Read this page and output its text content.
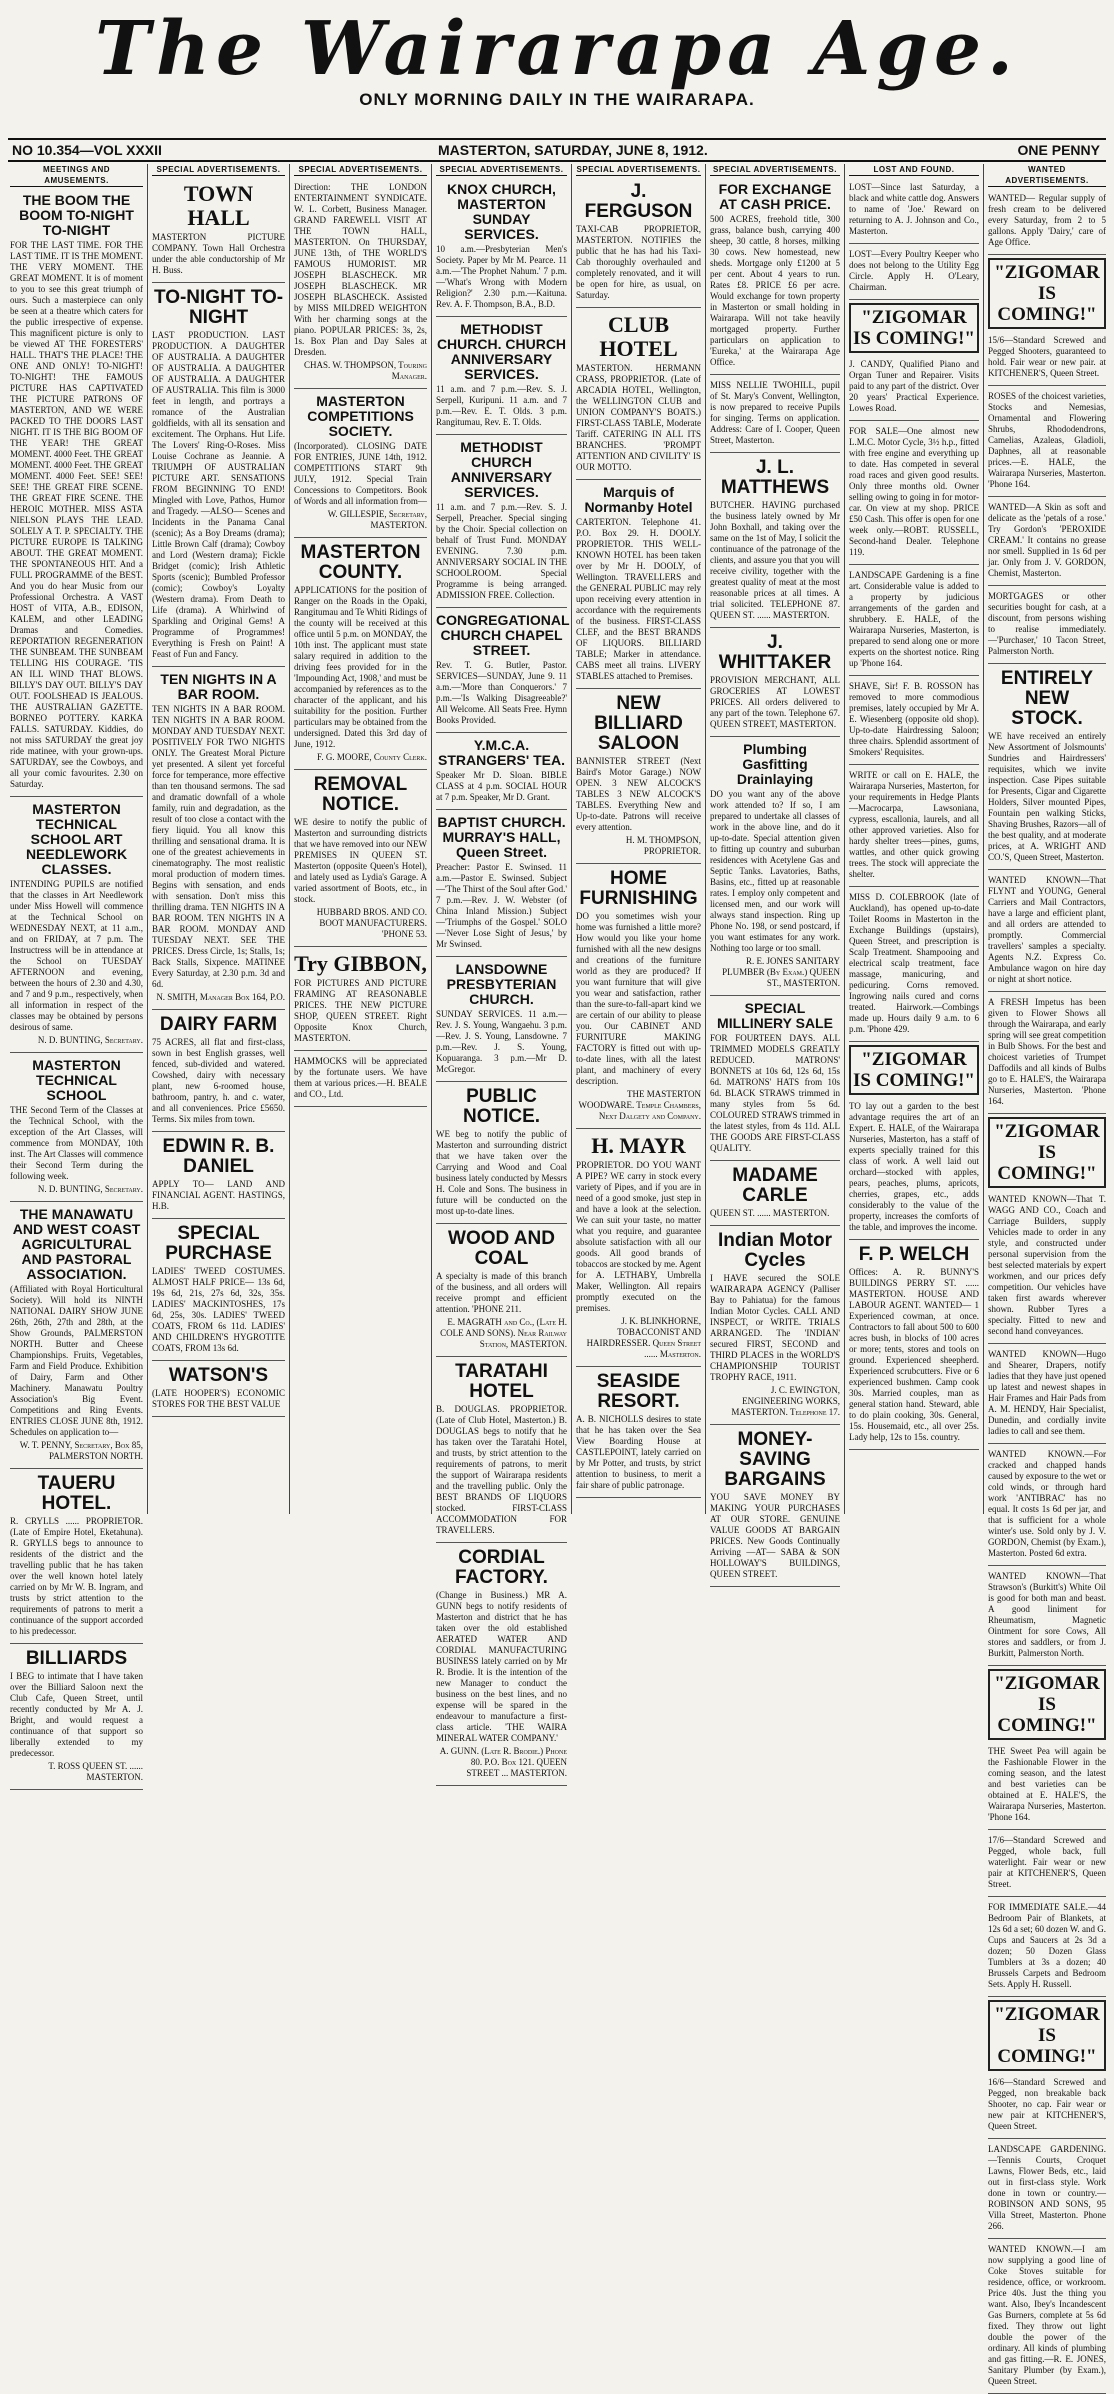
The Wairarapa Age.
ONLY MORNING DAILY IN THE WAIRARAPA.
NO 10.354—VOL XXXII	MASTERTON, SATURDAY, JUNE 8, 1912.	ONE PENNY
MEETINGS AND AMUSEMENTS.
THE BOOM THE BOOM TO-NIGHT TO-NIGHT

FOR THE LAST TIME. FOR THE LAST TIME. IT IS THE MOMENT. THE VERY MOMENT. THE GREAT MOMENT. It is of moment to you to see this great triumph of ours. Such a masterpiece can only be seen at a theatre which caters for the public irrespective of expense. This magnificent picture is only to be viewed AT THE FORESTERS' HALL. THAT'S THE PLACE! THE ONE AND ONLY! TO-NIGHT! TO-NIGHT! THE FAMOUS PICTURE HAS CAPTIVATED THE PICTURE PATRONS OF MASTERTON, AND WE WERE PACKED TO THE DOORS LAST NIGHT. IT IS THE BIG BOOM OF THE YEAR! THE GREAT MOMENT. 4000 Feet. THE GREAT MOMENT. 4000 Feet. THE GREAT MOMENT. 4000 Feet. SEE! SEE! SEE! THE GREAT FIRE SCENE. THE GREAT FIRE SCENE. THE HEROIC MOTHER. MISS ASTA NIELSON PLAYS THE LEAD. SOLELY A T. P. SPECIALTY. THE PICTURE EUROPE IS TALKING ABOUT. THE GREAT MOMENT. THE SPONTANEOUS HIT. And a FULL PROGRAMME of the BEST. And you do hear Music from our Professional Orchestra. A VAST HOST of VITA, A.B., EDISON, KALEM, and other LEADING Dramas and Comedies. REPORTATION REGENERATION THE SUNBEAM. THE SUNBEAM TELLING HIS COURAGE. 'TIS AN ILL WIND THAT BLOWS. BILLY'S DAY OUT. BILLY'S DAY OUT. FOOLSHEAD IS JEALOUS. THE AUSTRALIAN GAZETTE. BORNEO POTTERY. KARKA FALLS. SATURDAY. Kiddies, do not miss SATURDAY the great joy ride matinee, with your grown-ups. SATURDAY, see the Cowboys, and all your comic favourites. 2.30 on Saturday.

MASTERTON TECHNICAL SCHOOL ART NEEDLEWORK CLASSES.

INTENDING PUPILS are notified that the classes in Art Needlework under Miss Howell will commence at the Technical School on WEDNESDAY NEXT, at 11 a.m., and on FRIDAY, at 7 p.m. The Instructress will be in attendance at the School on TUESDAY AFTERNOON and evening, between the hours of 2.30 and 4.30, and 7 and 9 p.m., respectively, when all information in respect of the classes may be obtained by persons desirous of same.

N. D. BUNTING, Secretary.

MASTERTON TECHNICAL SCHOOL

THE Second Term of the Classes at the Technical School, with the exception of the Art Classes, will commence from MONDAY, 10th inst. The Art Classes will commence their Second Term during the following week.

N. D. BUNTING, Secretary.

THE MANAWATU AND WEST COAST AGRICULTURAL AND PASTORAL ASSOCIATION.

(Affiliated with Royal Horticultural Society). Will hold its NINTH NATIONAL DAIRY SHOW JUNE 26th, 26th, 27th and 28th, at the Show Grounds, PALMERSTON NORTH. Butter and Cheese Championships. Fruits, Vegetables, Farm and Field Produce. Exhibition of Dairy, Farm and Other Machinery. Manawatu Poultry Association's Big Event. Competitions and Ring Events. ENTRIES CLOSE JUNE 8th, 1912. Schedules on application to—

W. T. PENNY, Secretary, Box 85, PALMERSTON NORTH.

TAUERU HOTEL.

R. CRYLLS ...... PROPRIETOR. (Late of Empire Hotel, Eketahuna). R. GRYLLS begs to announce to residents of the district and the travelling public that he has taken over the well known hotel lately carried on by Mr W. B. Ingram, and trusts by strict attention to the requirements of patrons to merit a continuance of the support accorded to his predecessor.

BILLIARDS

I BEG to intimate that I have taken over the Billiard Saloon next the Club Cafe, Queen Street, until recently conducted by Mr A. J. Bright, and would request a continuance of that support so liberally extended to my predecessor.

T. ROSS QUEEN ST. ...... MASTERTON.

SPECIAL ADVERTISEMENTS.
TOWN HALL

MASTERTON PICTURE COMPANY. Town Hall Orchestra under the able conductorship of Mr H. Buss.

TO-NIGHT TO-NIGHT

LAST PRODUCTION. LAST PRODUCTION. A DAUGHTER OF AUSTRALIA. A DAUGHTER OF AUSTRALIA. A DAUGHTER OF AUSTRALIA. A DAUGHTER OF AUSTRALIA. This film is 3000 feet in length, and portrays a romance of the Australian goldfields, with all its sensation and excitement. The Orphans. Hut Life. The Lovers' Ring-O-Roses. Miss Louise Cochrane as Jeannie. A TRIUMPH OF AUSTRALIAN PICTURE ART. SENSATIONS FROM BEGINNING TO END! Mingled with Love, Pathos, Humor and Tragedy. —ALSO— Scenes and Incidents in the Panama Canal (scenic); As a Boy Dreams (drama); Little Brown Calf (drama); Cowboy and Lord (Western drama); Fickle Bridget (comic); Irish Athletic Sports (scenic); Bumbled Professor (comic); Cowboy's Loyalty (Western drama). From Death to Life (drama). A Whirlwind of Sparkling and Original Gems! A Programme of Programmes! Everything is Fresh on Paint! A Feast of Fun and Fancy.

TEN NIGHTS IN A BAR ROOM.

TEN NIGHTS IN A BAR ROOM. TEN NIGHTS IN A BAR ROOM. MONDAY AND TUESDAY NEXT. POSITIVELY FOR TWO NIGHTS ONLY. The Greatest Moral Picture yet presented. A silent yet forceful force for temperance, more effective than ten thousand sermons. The sad and dramatic downfall of a whole family, ruin and degradation, as the result of too close a contact with the fiery liquid. You all know this thrilling and sensational drama. It is one of the greatest achievements in cinematography. The most realistic moral production of modern times. Begins with sensation, and ends with sensation. Don't miss this thrilling drama. TEN NIGHTS IN A BAR ROOM. TEN NIGHTS IN A BAR ROOM. MONDAY AND TUESDAY NEXT. SEE THE PRICES. Dress Circle, 1s; Stalls, 1s; Back Stalls, Sixpence. MATINEE Every Saturday, at 2.30 p.m. 3d and 6d.

N. SMITH, Manager Box 164, P.O.

DAIRY FARM

75 ACRES, all flat and first-class, sown in best English grasses, well fenced, sub-divided and watered. Cowshed, dairy with necessary plant, new 6-roomed house, bathroom, pantry, h. and c. water, and all conveniences. Price £5650. Terms. Six miles from town.

EDWIN R. B. DANIEL

APPLY TO— LAND AND FINANCIAL AGENT. HASTINGS, H.B.

SPECIAL PURCHASE

LADIES' TWEED COSTUMES. ALMOST HALF PRICE— 13s 6d, 19s 6d, 21s, 27s 6d, 32s, 35s. LADIES' MACKINTOSHES, 17s 6d, 25s, 30s. LADIES' TWEED COATS, FROM 6s 11d. LADIES' AND CHILDREN'S HYGROTITE COATS, FROM 13s 6d.

WATSON'S

(LATE HOOPER'S) ECONOMIC STORES FOR THE BEST VALUE

SPECIAL ADVERTISEMENTS.

Direction: THE LONDON ENTERTAINMENT SYNDICATE. W. L. Corbett, Business Manager. GRAND FAREWELL VISIT AT THE TOWN HALL, MASTERTON. On THURSDAY, JUNE 13th, of THE WORLD'S FAMOUS HUMORIST. MR JOSEPH BLASCHECK. MR JOSEPH BLASCHECK. MR JOSEPH BLASCHECK. Assisted by MISS MILDRED WEIGHTON With her charming songs at the piano. POPULAR PRICES: 3s, 2s, 1s. Box Plan and Day Sales at Dresden.

CHAS. W. THOMPSON, Touring Manager.

MASTERTON COMPETITIONS SOCIETY.

(Incorporated). CLOSING DATE FOR ENTRIES, JUNE 14th, 1912. COMPETITIONS START 9th JULY, 1912. Special Train Concessions to Competitors. Book of Words and all information from—

W. GILLESPIE, Secretary, MASTERTON.

MASTERTON COUNTY.

APPLICATIONS for the position of Ranger on the Roads in the Opaki, Rangitumau and Te Whiti Ridings of the county will be received at this office until 5 p.m. on MONDAY, the 10th inst. The applicant must state salary required in addition to the driving fees provided for in the 'Impounding Act, 1908,' and must be accompanied by references as to the character of the applicant, and his suitability for the position. Further particulars may be obtained from the undersigned. Dated this 3rd day of June, 1912.

F. G. MOORE, County Clerk.

REMOVAL NOTICE.

WE desire to notify the public of Masterton and surrounding districts that we have removed into our NEW PREMISES IN QUEEN ST. Masterton (opposite Queen's Hotel), and lately used as Lydia's Garage. A varied assortment of Boots, etc., in stock.

HUBBARD BROS. AND CO. BOOT MANUFACTURERS. 'PHONE 53.

Try GIBBON,

FOR PICTURES AND PICTURE FRAMING AT REASONABLE PRICES. THE NEW PICTURE SHOP, QUEEN STREET. Right Opposite Knox Church, MASTERTON.

HAMMOCKS will be appreciated by the fortunate users. We have them at various prices.—H. BEALE and CO., Ltd.

SPECIAL ADVERTISEMENTS.
KNOX CHURCH, MASTERTON SUNDAY SERVICES.

10 a.m.—Presbyterian Men's Society. Paper by Mr M. Pearce. 11 a.m.—'The Prophet Nahum.' 7 p.m.—'What's Wrong with Modern Religion?' 2.30 p.m.—Kaituna. Rev. A. F. Thompson, B.A., B.D.

METHODIST CHURCH. CHURCH ANNIVERSARY SERVICES.

11 a.m. and 7 p.m.—Rev. S. J. Serpell, Kuripuni. 11 a.m. and 7 p.m.—Rev. E. T. Olds. 3 p.m. Rangitumau, Rev. E. T. Olds.

METHODIST CHURCH ANNIVERSARY SERVICES.

11 a.m. and 7 p.m.—Rev. S. J. Serpell, Preacher. Special singing by the Choir. Special collection on behalf of Trust Fund. MONDAY EVENING. 7.30 p.m. ANNIVERSARY SOCIAL IN THE SCHOOLROOM. Special Programme is being arranged. ADMISSION FREE. Collection.

CONGREGATIONAL CHURCH CHAPEL STREET.

Rev. T. G. Butler, Pastor. SERVICES—SUNDAY, June 9. 11 a.m.—'More than Conquerors.' 7 p.m.—'Is Walking Disagreeable?' All Welcome. All Seats Free. Hymn Books Provided.

Y.M.C.A. STRANGERS' TEA.

Speaker Mr D. Sloan. BIBLE CLASS at 4 p.m. SOCIAL HOUR at 7 p.m. Speaker, Mr D. Grant.

BAPTIST CHURCH. MURRAY'S HALL, Queen Street.

Preacher: Pastor E. Swinsed. 11 a.m.—Pastor E. Swinsed. Subject—'The Thirst of the Soul after God.' 7 p.m.—Rev. J. W. Webster (of China Inland Mission.) Subject—'Triumphs of the Gospel.' SOLO—'Never Lose Sight of Jesus,' by Mr Swinsed.

LANSDOWNE PRESBYTERIAN CHURCH.

SUNDAY SERVICES. 11 a.m.—Rev. J. S. Young, Wangaehu. 3 p.m.—Rev. J. S. Young, Lansdowne. 7 p.m.—Rev. J. S. Young, Kopuaranga. 3 p.m.—Mr D. McGregor.

PUBLIC NOTICE.

WE beg to notify the public of Masterton and surrounding district that we have taken over the Carrying and Wood and Coal business lately conducted by Messrs H. Cole and Sons. The business in future will be conducted on the most up-to-date lines.

WOOD AND COAL

A specialty is made of this branch of the business, and all orders will receive prompt and efficient attention. 'PHONE 211.

E. MAGRATH and Co., (Late H. COLE AND SONS). Near Railway Station, MASTERTON.

TARATAHI HOTEL

B. DOUGLAS. PROPRIETOR. (Late of Club Hotel, Masterton.) B. DOUGLAS begs to notify that he has taken over the Taratahi Hotel, and trusts, by strict attention to the requirements of patrons, to merit the support of Wairarapa residents and the travelling public. Only the BEST BRANDS OF LIQUORS stocked. FIRST-CLASS ACCOMMODATION FOR TRAVELLERS.

CORDIAL FACTORY.

(Change in Business.) MR A. GUNN begs to notify residents of Masterton and district that he has taken over the old established AERATED WATER AND CORDIAL MANUFACTURING BUSINESS lately carried on by Mr R. Brodie. It is the intention of the new Manager to conduct the business on the best lines, and no expense will be spared in the endeavour to manufacture a first-class article. 'THE WAIRA MINERAL WATER COMPANY.'

A. GUNN. (Late R. Brodie.) Phone 80. P.O. Box 121. QUEEN STREET ... MASTERTON.

SPECIAL ADVERTISEMENTS.
J. FERGUSON

TAXI-CAB PROPRIETOR, MASTERTON. NOTIFIES the public that he has had his Taxi-Cab thoroughly overhauled and completely renovated, and it will be open for hire, as usual, on Saturday.

CLUB HOTEL

MASTERTON. HERMANN CRASS, PROPRIETOR. (Late of ARCADIA HOTEL, Wellington, the WELLINGTON CLUB and UNION COMPANY'S BOATS.) FIRST-CLASS TABLE, Moderate Tariff. CATERING IN ALL ITS BRANCHES. 'PROMPT ATTENTION AND CIVILITY' IS OUR MOTTO.

Marquis of Normanby Hotel

CARTERTON. Telephone 41. P.O. Box 29. H. DOOLY. PROPRIETOR. THIS WELL-KNOWN HOTEL has been taken over by Mr H. DOOLY, of Wellington. TRAVELLERS and the GENERAL PUBLIC may rely upon receiving every attention in accordance with the requirements of the business. FIRST-CLASS CLEF, and the BEST BRANDS OF LIQUORS. BILLIARD TABLE; Marker in attendance. CABS meet all trains. LIVERY STABLES attached to Premises.

NEW BILLIARD SALOON

BANNISTER STREET (Next Baird's Motor Garage.) NOW OPEN. 3 NEW ALCOCK'S TABLES 3 NEW ALCOCK'S TABLES. Everything New and Up-to-date. Patrons will receive every attention.

H. M. THOMPSON, PROPRIETOR.

HOME FURNISHING

DO you sometimes wish your home was furnished a little more? How would you like your home furnished with all the new designs and creations of the furniture world as they are produced? If you want furniture that will give you wear and satisfaction, rather than the sure-to-fall-apart kind we are certain of our ability to please you. Our CABINET AND FURNITURE MAKING FACTORY is fitted out with up-to-date lines, with all the latest plant, and machinery of every description.

THE MASTERTON WOODWARE. Temple Chambers, Next Dalgety and Company.

H. MAYR

PROPRIETOR. DO YOU WANT A PIPE? WE carry in stock every variety of Pipes, and if you are in need of a good smoke, just step in and have a look at the selection. We can suit your taste, no matter what you require, and guarantee absolute satisfaction with all our goods. All good brands of tobaccos are stocked by me. Agent for A. LETHABY, Umbrella Maker, Wellington. All repairs promptly executed on the premises.

J. K. BLINKHORNE, TOBACCONIST AND HAIRDRESSER. Queen Street ...... Masterton.

SEASIDE RESORT.

A. B. NICHOLLS desires to state that he has taken over the Sea View Boarding House at CASTLEPOINT, lately carried on by Mr Potter, and trusts, by strict attention to business, to merit a fair share of public patronage.

SPECIAL ADVERTISEMENTS.
FOR EXCHANGE AT CASH PRICE.

500 ACRES, freehold title, 300 grass, balance bush, carrying 400 sheep, 30 cattle, 8 horses, milking 30 cows. New homestead, new sheds. Mortgage only £1200 at 5 per cent. About 4 years to run. Rates £8. PRICE £6 per acre. Would exchange for town property in Masterton or small holding in Wairarapa. Will not take heavily mortgaged property. Further particulars on application to 'Eureka,' at the Wairarapa Age Office.

MISS NELLIE TWOHILL, pupil of St. Mary's Convent, Wellington, is now prepared to receive Pupils for singing. Terms on application. Address: Care of I. Cooper, Queen Street, Masterton.

J. L. MATTHEWS

BUTCHER. HAVING purchased the business lately owned by Mr John Boxhall, and taking over the same on the 1st of May, I solicit the continuance of the patronage of the clients, and assure you that you will receive civility, together with the greatest quality of meat at the most reasonable prices at all times. A trial solicited. TELEPHONE 87. QUEEN ST. ...... MASTERTON.

J. WHITTAKER

PROVISION MERCHANT, ALL GROCERIES AT LOWEST PRICES. All orders delivered to any part of the town. Telephone 67. QUEEN STREET, MASTERTON.

Plumbing Gasfitting Drainlaying

DO you want any of the above work attended to? If so, I am prepared to undertake all classes of work in the above line, and do it up-to-date. Special attention given to fitting up country and suburban residences with Acetylene Gas and Septic Tanks. Lavatories, Baths, Basins, etc., fitted up at reasonable rates. I employ only competent and licensed men, and our work will always stand inspection. Ring up Phone No. 198, or send postcard, if you want estimates for any work. Nothing too large or too small.

R. E. JONES SANITARY PLUMBER (By Exam.) QUEEN ST., MASTERTON.

SPECIAL MILLINERY SALE

FOR FOURTEEN DAYS. ALL TRIMMED MODELS GREATLY REDUCED. MATRONS' BONNETS at 10s 6d, 12s 6d, 15s 6d. MATRONS' HATS from 10s 6d. BLACK STRAWS trimmed in many styles from 5s 6d. COLOURED STRAWS trimmed in the latest styles, from 4s 11d. ALL THE GOODS ARE FIRST-CLASS QUALITY.

MADAME CARLE

QUEEN ST. ...... MASTERTON.

Indian Motor Cycles

I HAVE secured the SOLE WAIRARAPA AGENCY (Palliser Bay to Pahiatua) for the famous Indian Motor Cycles. CALL AND INSPECT, or WRITE. TRIALS ARRANGED. The 'INDIAN' secured FIRST, SECOND and THIRD PLACES in the WORLD'S CHAMPIONSHIP TOURIST TROPHY RACE, 1911.

J. C. EWINGTON, ENGINEERING WORKS, MASTERTON. Telephone 17.

MONEY-SAVING BARGAINS

YOU SAVE MONEY BY MAKING YOUR PURCHASES AT OUR STORE. GENUINE VALUE GOODS AT BARGAIN PRICES. New Goods Continually Arriving —AT— SABA & SON HOLLOWAY'S BUILDINGS, QUEEN STREET.

LOST AND FOUND.

LOST—Since last Saturday, a black and white cattle dog. Answers to name of 'Joe.' Reward on returning to A. J. Johnson and Co., Masterton.

LOST—Every Poultry Keeper who does not belong to the Utility Egg Circle. Apply H. O'Leary, Chairman.

"ZIGOMAR IS COMING!"

J. CANDY, Qualified Piano and Organ Tuner and Repairer. Visits paid to any part of the district. Over 20 years' Practical Experience. Lowes Road.

FOR SALE—One almost new L.M.C. Motor Cycle, 3½ h.p., fitted with free engine and everything up to date. Has competed in several road races and given good results. Only three months old. Owner selling owing to going in for motor-car. On view at my shop. PRICE £50 Cash. This offer is open for one week only.—ROBT. RUSSELL, Second-hand Dealer. Telephone 119.

LANDSCAPE Gardening is a fine art. Considerable value is added to a property by judicious arrangements of the garden and shrubbery. E. HALE, of the Wairarapa Nurseries, Masterton, is prepared to send along one or more experts on the shortest notice. Ring up 'Phone 164.

SHAVE, Sir! F. B. ROSSON has removed to more commodious premises, lately occupied by Mr A. E. Wiesenberg (opposite old shop). Up-to-date Hairdressing Saloon; three chairs. Splendid assortment of Smokers' Requisites.

WRITE or call on E. HALE, the Wairarapa Nurseries, Masterton, for your requirements in Hedge Plants—Macrocarpa, Lawsoniana, cypress, escallonia, laurels, and all other approved varieties. Also for hardy shelter trees—pines, gums, wattles, and other quick growing trees. The stock will appreciate the shelter.

MISS D. COLEBROOK (late of Auckland), has opened up-to-date Toilet Rooms in Masterton in the Exchange Buildings (upstairs), Queen Street, and prescription is Scalp Treatment. Shampooing and electrical scalp treatment, face massage, manicuring, and pedicuring. Corns removed. Ingrowing nails cured and corns treated. Hairwork.—Combings made up. Hours daily 9 a.m. to 6 p.m. 'Phone 429.

"ZIGOMAR IS COMING!"

TO lay out a garden to the best advantage requires the art of an Expert. E. HALE, of the Wairarapa Nurseries, Masterton, has a staff of experts specially trained for this class of work. A well laid out orchard—stocked with apples, pears, peaches, plums, apricots, cherries, grapes, etc., adds considerably to the value of the property, increases the comforts of the table, and improves the income.

F. P. WELCH

Offices: A. R. BUNNY'S BUILDINGS PERRY ST. ...... MASTERTON. HOUSE AND LABOUR AGENT. WANTED— 1 Experienced cowman, at once. Contractors to fall about 500 to 600 acres bush, in blocks of 100 acres or more; tents, stores and tools on ground. Experienced sheepherd. Experienced scrubcutters. Five or 6 experienced bushmen. Camp cook 30s. Married couples, man as general station hand. Steward, able to do plain cooking, 30s. General, 15s. Housemaid, etc., all over 25s. Lady help, 12s to 15s. country.

WANTED ADVERTISEMENTS.

WANTED— Regular supply of fresh cream to be delivered every Saturday, from 2 to 5 gallons. Apply 'Dairy,' care of Age Office.

"ZIGOMAR IS COMING!"

15/6—Standard Screwed and Pegged Shooters, guaranteed to hold. Fair wear or new pair. at KITCHENER'S, Queen Street.

ROSES of the choicest varieties, Stocks and Nemesias, Ornamental and Flowering Shrubs, Rhododendrons, Camelias, Azaleas, Gladioli, Daphnes, all at reasonable prices.—E. HALE, the Wairarapa Nurseries, Masterton. 'Phone 164.

WANTED—A Skin as soft and delicate as the 'petals of a rose.' Try Gordon's 'PEROXIDE CREAM.' It contains no grease nor smell. Supplied in 1s 6d per jar. Only from J. V. GORDON, Chemist, Masterton.

MORTGAGES or other securities bought for cash, at a discount, from persons wishing to realise immediately.—'Purchaser,' 10 Tacon Street, Palmerston North.

ENTIRELY NEW STOCK.

WE have received an entirely New Assortment of Jolsmounts' Sundries and Hairdressers' requisites, which we invite inspection. Case Pipes suitable for Presents, Cigar and Cigarette Holders, Silver mounted Pipes, Fountain pen walking Sticks, Shaving Brushes, Razors—all of the best quality, and at moderate prices, at A. WRIGHT AND CO.'S, Queen Street, Masterton.

WANTED KNOWN—That FLYNT and YOUNG, General Carriers and Mail Contractors, have a large and efficient plant, and all orders are attended to promptly. Commercial travellers' samples a specialty. Agents N.Z. Express Co. Ambulance wagon on hire day or night at short notice.

A FRESH Impetus has been given to Flower Shows all through the Wairarapa, and early spring will see great competition in Bulb Shows. For the best and choicest varieties of Trumpet Daffodils and all kinds of Bulbs go to E. HALE'S, the Wairarapa Nurseries, Masterton. 'Phone 164.

"ZIGOMAR IS COMING!"

WANTED KNOWN—That T. WAGG AND CO., Coach and Carriage Builders, supply Vehicles made to order in any style, and constructed under personal supervision from the best selected materials by expert workmen, and our prices defy competition. Our vehicles have taken first awards wherever shown. Rubber Tyres a specialty. Fitted to new and second hand conveyances.

WANTED KNOWN—Hugo and Shearer, Drapers, notify ladies that they have just opened up latest and newest shapes in Hair Frames and Hair Pads from A. M. HENDY, Hair Specialist, Dunedin, and cordially invite ladies to call and see them.

WANTED KNOWN.—For cracked and chapped hands caused by exposure to the wet or cold winds, or through hard work 'ANTIBRAC' has no equal. It costs 1s 6d per jar, and that is sufficient for a whole winter's use. Sold only by J. V. GORDON, Chemist (by Exam.), Masterton. Posted 6d extra.

WANTED KNOWN—That Strawson's (Burkitt's) White Oil is good for both man and beast. A good liniment for Rheumatism, Magnetic Ointment for sore Cows, All stores and saddlers, or from J. Burkitt, Palmerston North.

"ZIGOMAR IS COMING!"

THE Sweet Pea will again be the Fashionable Flower in the coming season, and the latest and best varieties can be obtained at E. HALE'S, the Wairarapa Nurseries, Masterton. 'Phone 164.

17/6—Standard Screwed and Pegged, whole back, full waterlight. Fair wear or new pair at KITCHENER'S, Queen Street.

FOR IMMEDIATE SALE.—44 Bedroom Pair of Blankets, at 12s 6d a set; 60 dozen W. and G. Cups and Saucers at 2s 3d a dozen; 50 Dozen Glass Tumblers at 3s a dozen; 40 Brussels Carpets and Bedroom Sets. Apply H. Russell.

"ZIGOMAR IS COMING!"

16/6—Standard Screwed and Pegged, non breakable back Shooter, no cap. Fair wear or new pair at KITCHENER'S, Queen Street.

LANDSCAPE GARDENING.—Tennis Courts, Croquet Lawns, Flower Beds, etc., laid out in first-class style. Work done in town or country.—ROBINSON AND SONS, 95 Villa Street, Masterton. Phone 266.

WANTED KNOWN.—I am now supplying a good line of Coke Stoves suitable for residence, office, or workroom. Price 40s. Just the thing you want. Also, Ibey's Incandescent Gas Burners, complete at 5s 6d fixed. They throw out light double the power of the ordinary. All kinds of plumbing and gas fitting.—R. E. JONES, Sanitary Plumber (by Exam.), Queen Street.
